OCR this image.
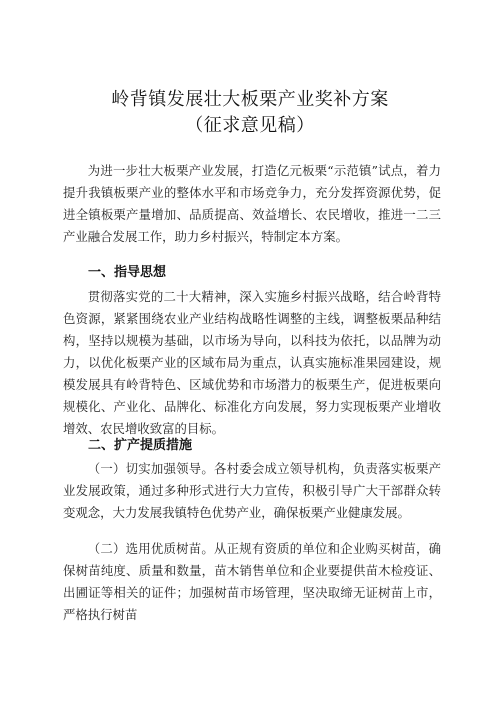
岭背镇发展壮大板栗产业奖补方案
（征求意见稿）

为进一步壮大板栗产业发展，打造亿元板栗“示范镇”试点，着力提升我镇板栗产业的整体水平和市场竞争力，充分发挥资源优势，促进全镇板栗产量增加、品质提高、效益增长、农民增收，推进一二三产业融合发展工作，助力乡村振兴，特制定本方案。

一、指导思想

贯彻落实党的二十大精神，深入实施乡村振兴战略，结合岭背特色资源，紧紧围绕农业产业结构战略性调整的主线，调整板栗品种结构，坚持以规模为基础，以市场为导向，以科技为依托，以品牌为动力，以优化板栗产业的区域布局为重点，认真实施标准果园建设，规模发展具有岭背特色、区域优势和市场潜力的板栗生产，促进板栗向规模化、产业化、品牌化、标准化方向发展，努力实现板栗产业增收增效、农民增收致富的目标。

二、扩产提质措施

（一）切实加强领导。各村委会成立领导机构，负责落实板栗产业发展政策，通过多种形式进行大力宣传，积极引导广大干部群众转变观念，大力发展我镇特色优势产业，确保板栗产业健康发展。

（二）选用优质树苗。从正规有资质的单位和企业购买树苗，确保树苗纯度、质量和数量，苗木销售单位和企业要提供苗木检疫证、出圃证等相关的证件；加强树苗市场管理，坚决取缔无证树苗上市，严格执行树苗
